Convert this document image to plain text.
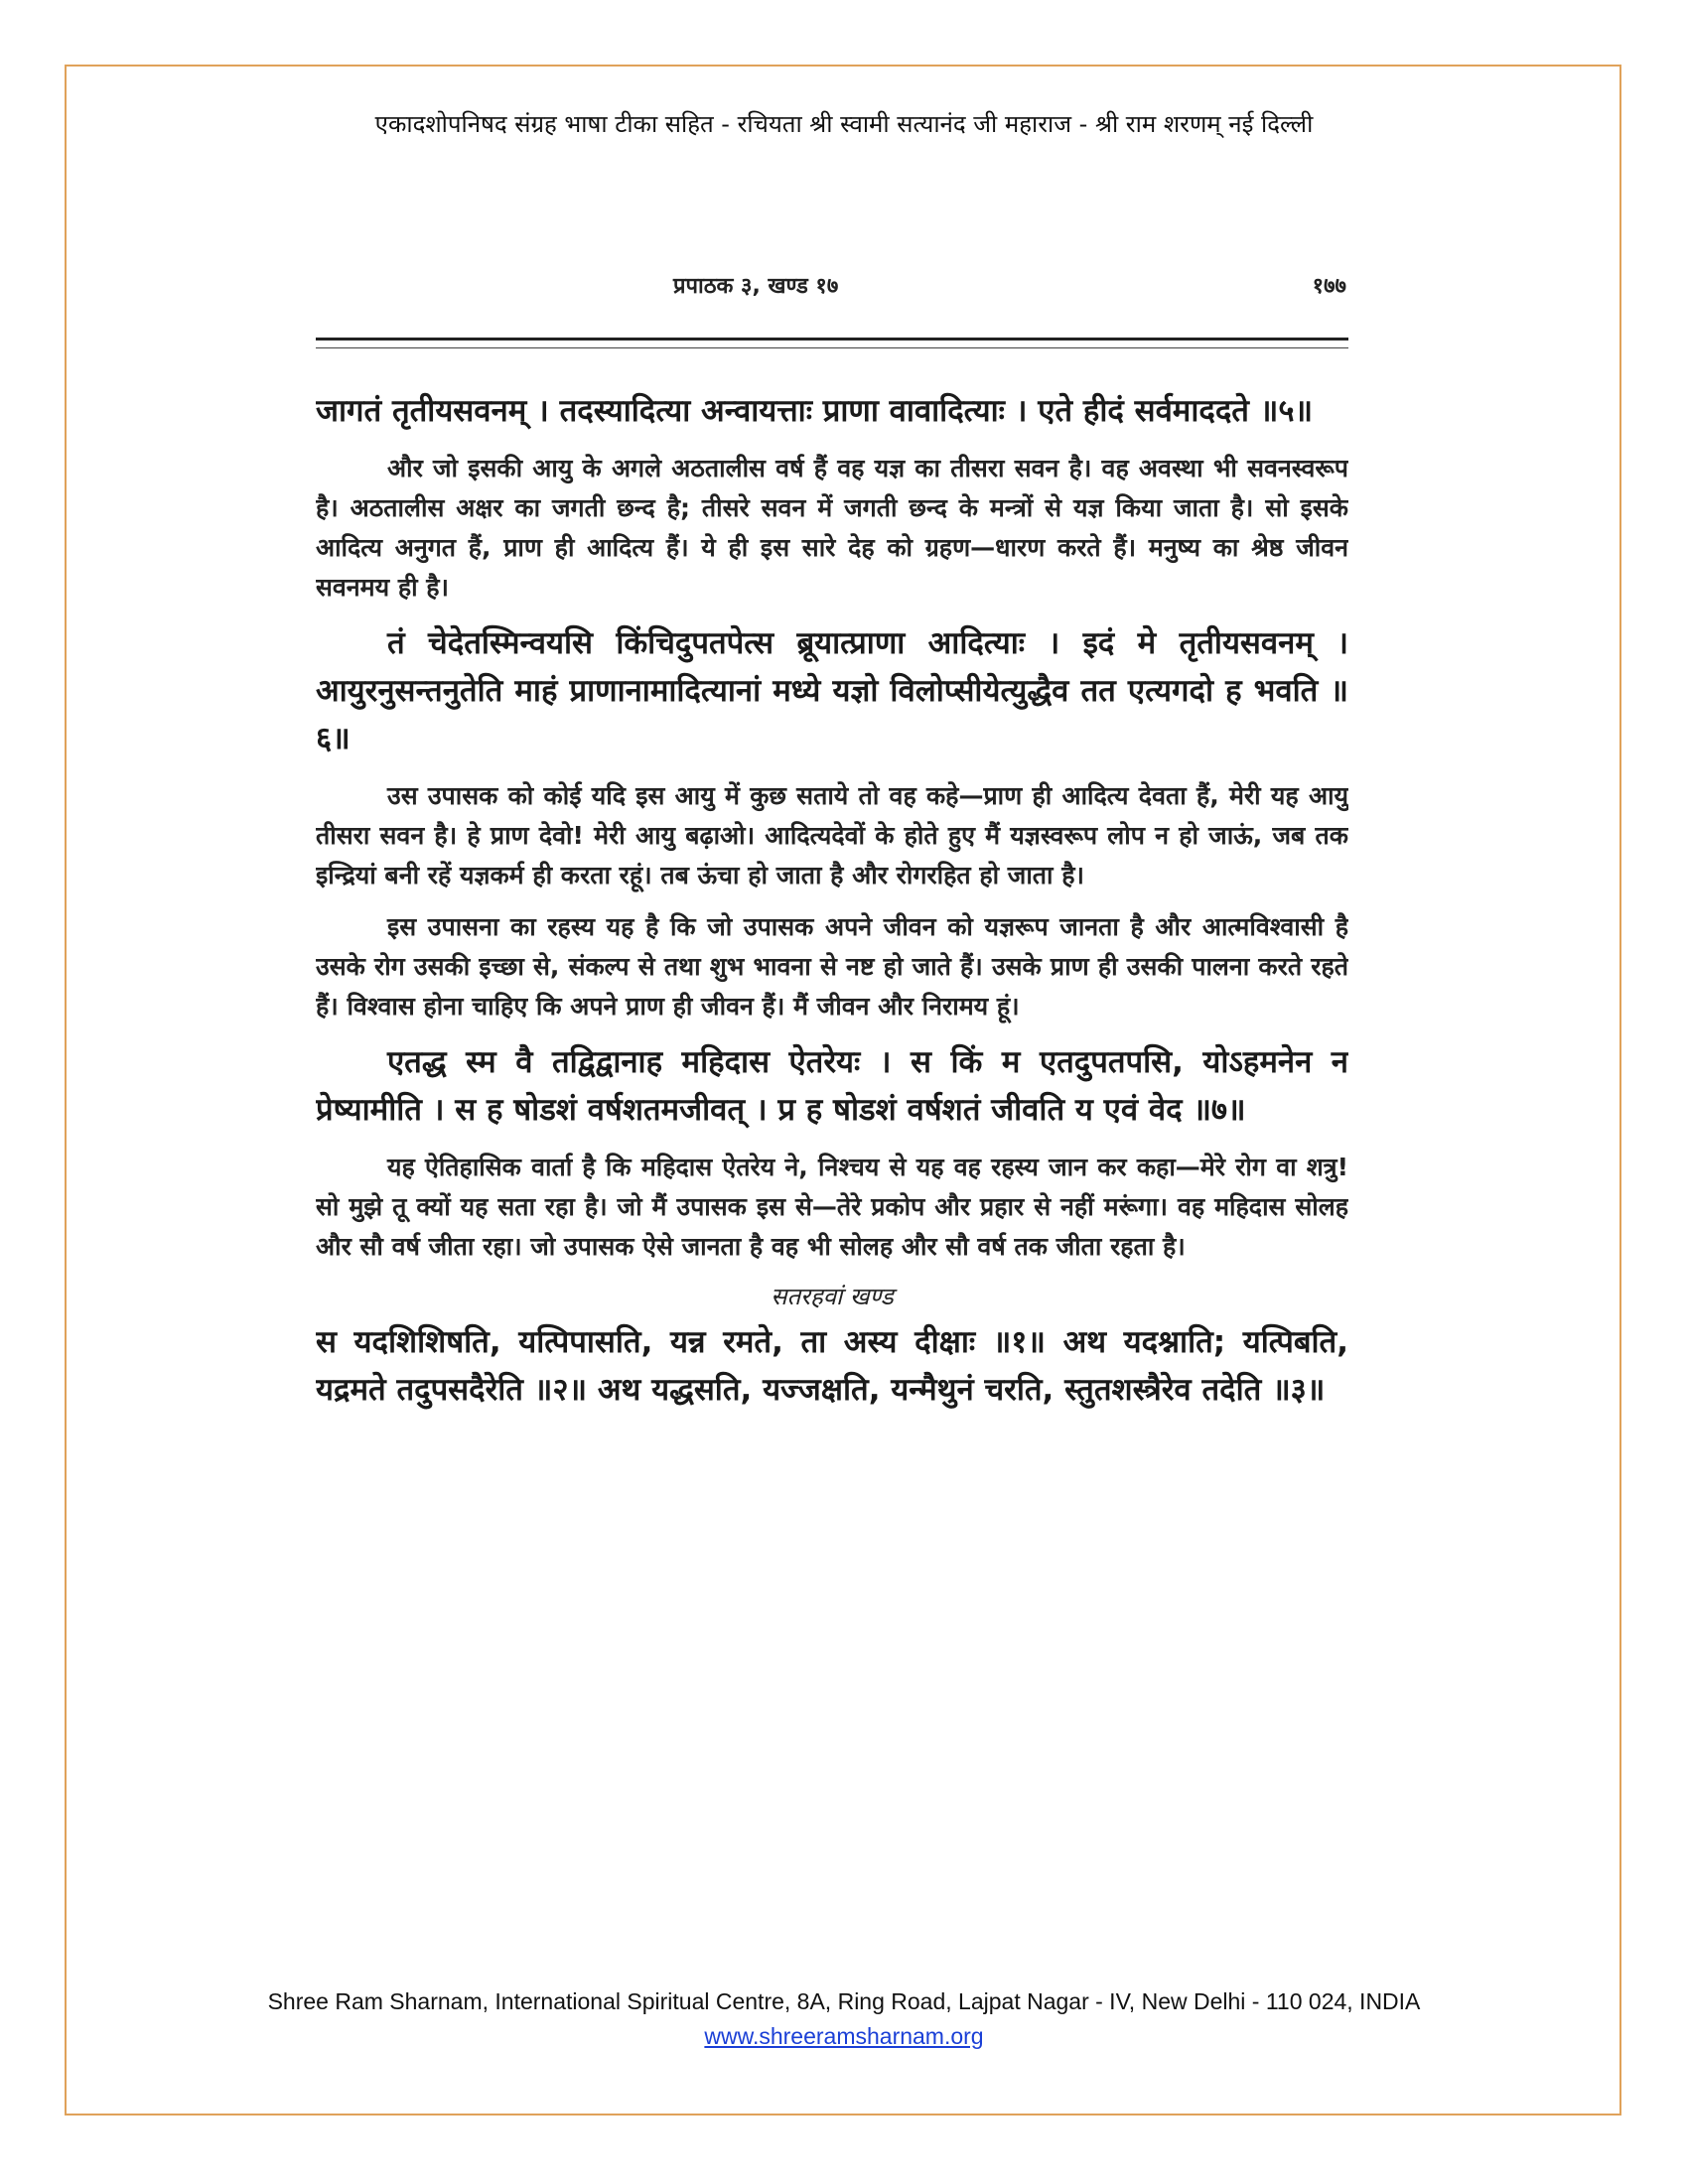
एकादशोपनिषद संग्रह भाषा टीका सहित - रचियता श्री स्वामी सत्यानंद जी महाराज - श्री राम शरणम् नई दिल्ली
प्रपाठक ३, खण्ड १७	१७७

जागतं तृतीयसवनम् । तदस्यादित्या अन्वायत्ताः प्राणा वावादित्याः । एते हीदं सर्वमाददते ॥५॥

और जो इसकी आयु के अगले अठतालीस वर्ष हैं वह यज्ञ का तीसरा सवन है। वह अवस्था भी सवनस्वरूप है। अठतालीस अक्षर का जगती छन्द है; तीसरे सवन में जगती छन्द के मन्त्रों से यज्ञ किया जाता है। सो इसके आदित्य अनुगत हैं, प्राण ही आदित्य हैं। ये ही इस सारे देह को ग्रहण—धारण करते हैं। मनुष्य का श्रेष्ठ जीवन सवनमय ही है।

तं चेदेतस्मिन्वयसि किंचिदुपतपेत्स ब्रूयात्प्राणा आदित्याः । इदं मे तृतीयसवनम् । आयुरनुसन्तनुतेति माहं प्राणानामादित्यानां मध्ये यज्ञो विलोप्सीयेत्युद्धैव तत एत्यगदो ह भवति ॥६॥

उस उपासक को कोई यदि इस आयु में कुछ सताये तो वह कहे—प्राण ही आदित्य देवता हैं, मेरी यह आयु तीसरा सवन है। हे प्राण देवो! मेरी आयु बढ़ाओ। आदित्यदेवों के होते हुए मैं यज्ञस्वरूप लोप न हो जाऊं, जब तक इन्द्रियां बनी रहें यज्ञकर्म ही करता रहूं। तब ऊंचा हो जाता है और रोगरहित हो जाता है।

इस उपासना का रहस्य यह है कि जो उपासक अपने जीवन को यज्ञरूप जानता है और आत्मविश्वासी है उसके रोग उसकी इच्छा से, संकल्प से तथा शुभ भावना से नष्ट हो जाते हैं। उसके प्राण ही उसकी पालना करते रहते हैं। विश्वास होना चाहिए कि अपने प्राण ही जीवन हैं। मैं जीवन और निरामय हूं।

एतद्ध स्म वै तद्विद्वानाह महिदास ऐतरेयः । स किं म एतदुपतपसि, योऽहमनेन न प्रेष्यामीति । स ह षोडशं वर्षशतमजीवत् । प्र ह षोडशं वर्षशतं जीवति य एवं वेद ॥७॥

यह ऐतिहासिक वार्ता है कि महिदास ऐतरेय ने, निश्चय से यह वह रहस्य जान कर कहा—मेरे रोग वा शत्रु! सो मुझे तू क्यों यह सता रहा है। जो मैं उपासक इस से—तेरे प्रकोप और प्रहार से नहीं मरूंगा। वह महिदास सोलह और सौ वर्ष जीता रहा। जो उपासक ऐसे जानता है वह भी सोलह और सौ वर्ष तक जीता रहता है।

सतरहवां खण्ड

स यदशिशिषति, यत्पिपासति, यन्न रमते, ता अस्य दीक्षाः ॥१॥ अथ यदश्नाति; यत्पिबति, यद्रमते तदुपसदैरेति ॥२॥ अथ यद्धसति, यज्जक्षति, यन्मैथुनं चरति, स्तुतशस्त्रैरेव तदेति ॥३॥

Shree Ram Sharnam, International Spiritual Centre, 8A, Ring Road, Lajpat Nagar - IV, New Delhi - 110 024, INDIA
www.shreeramsharnam.org
